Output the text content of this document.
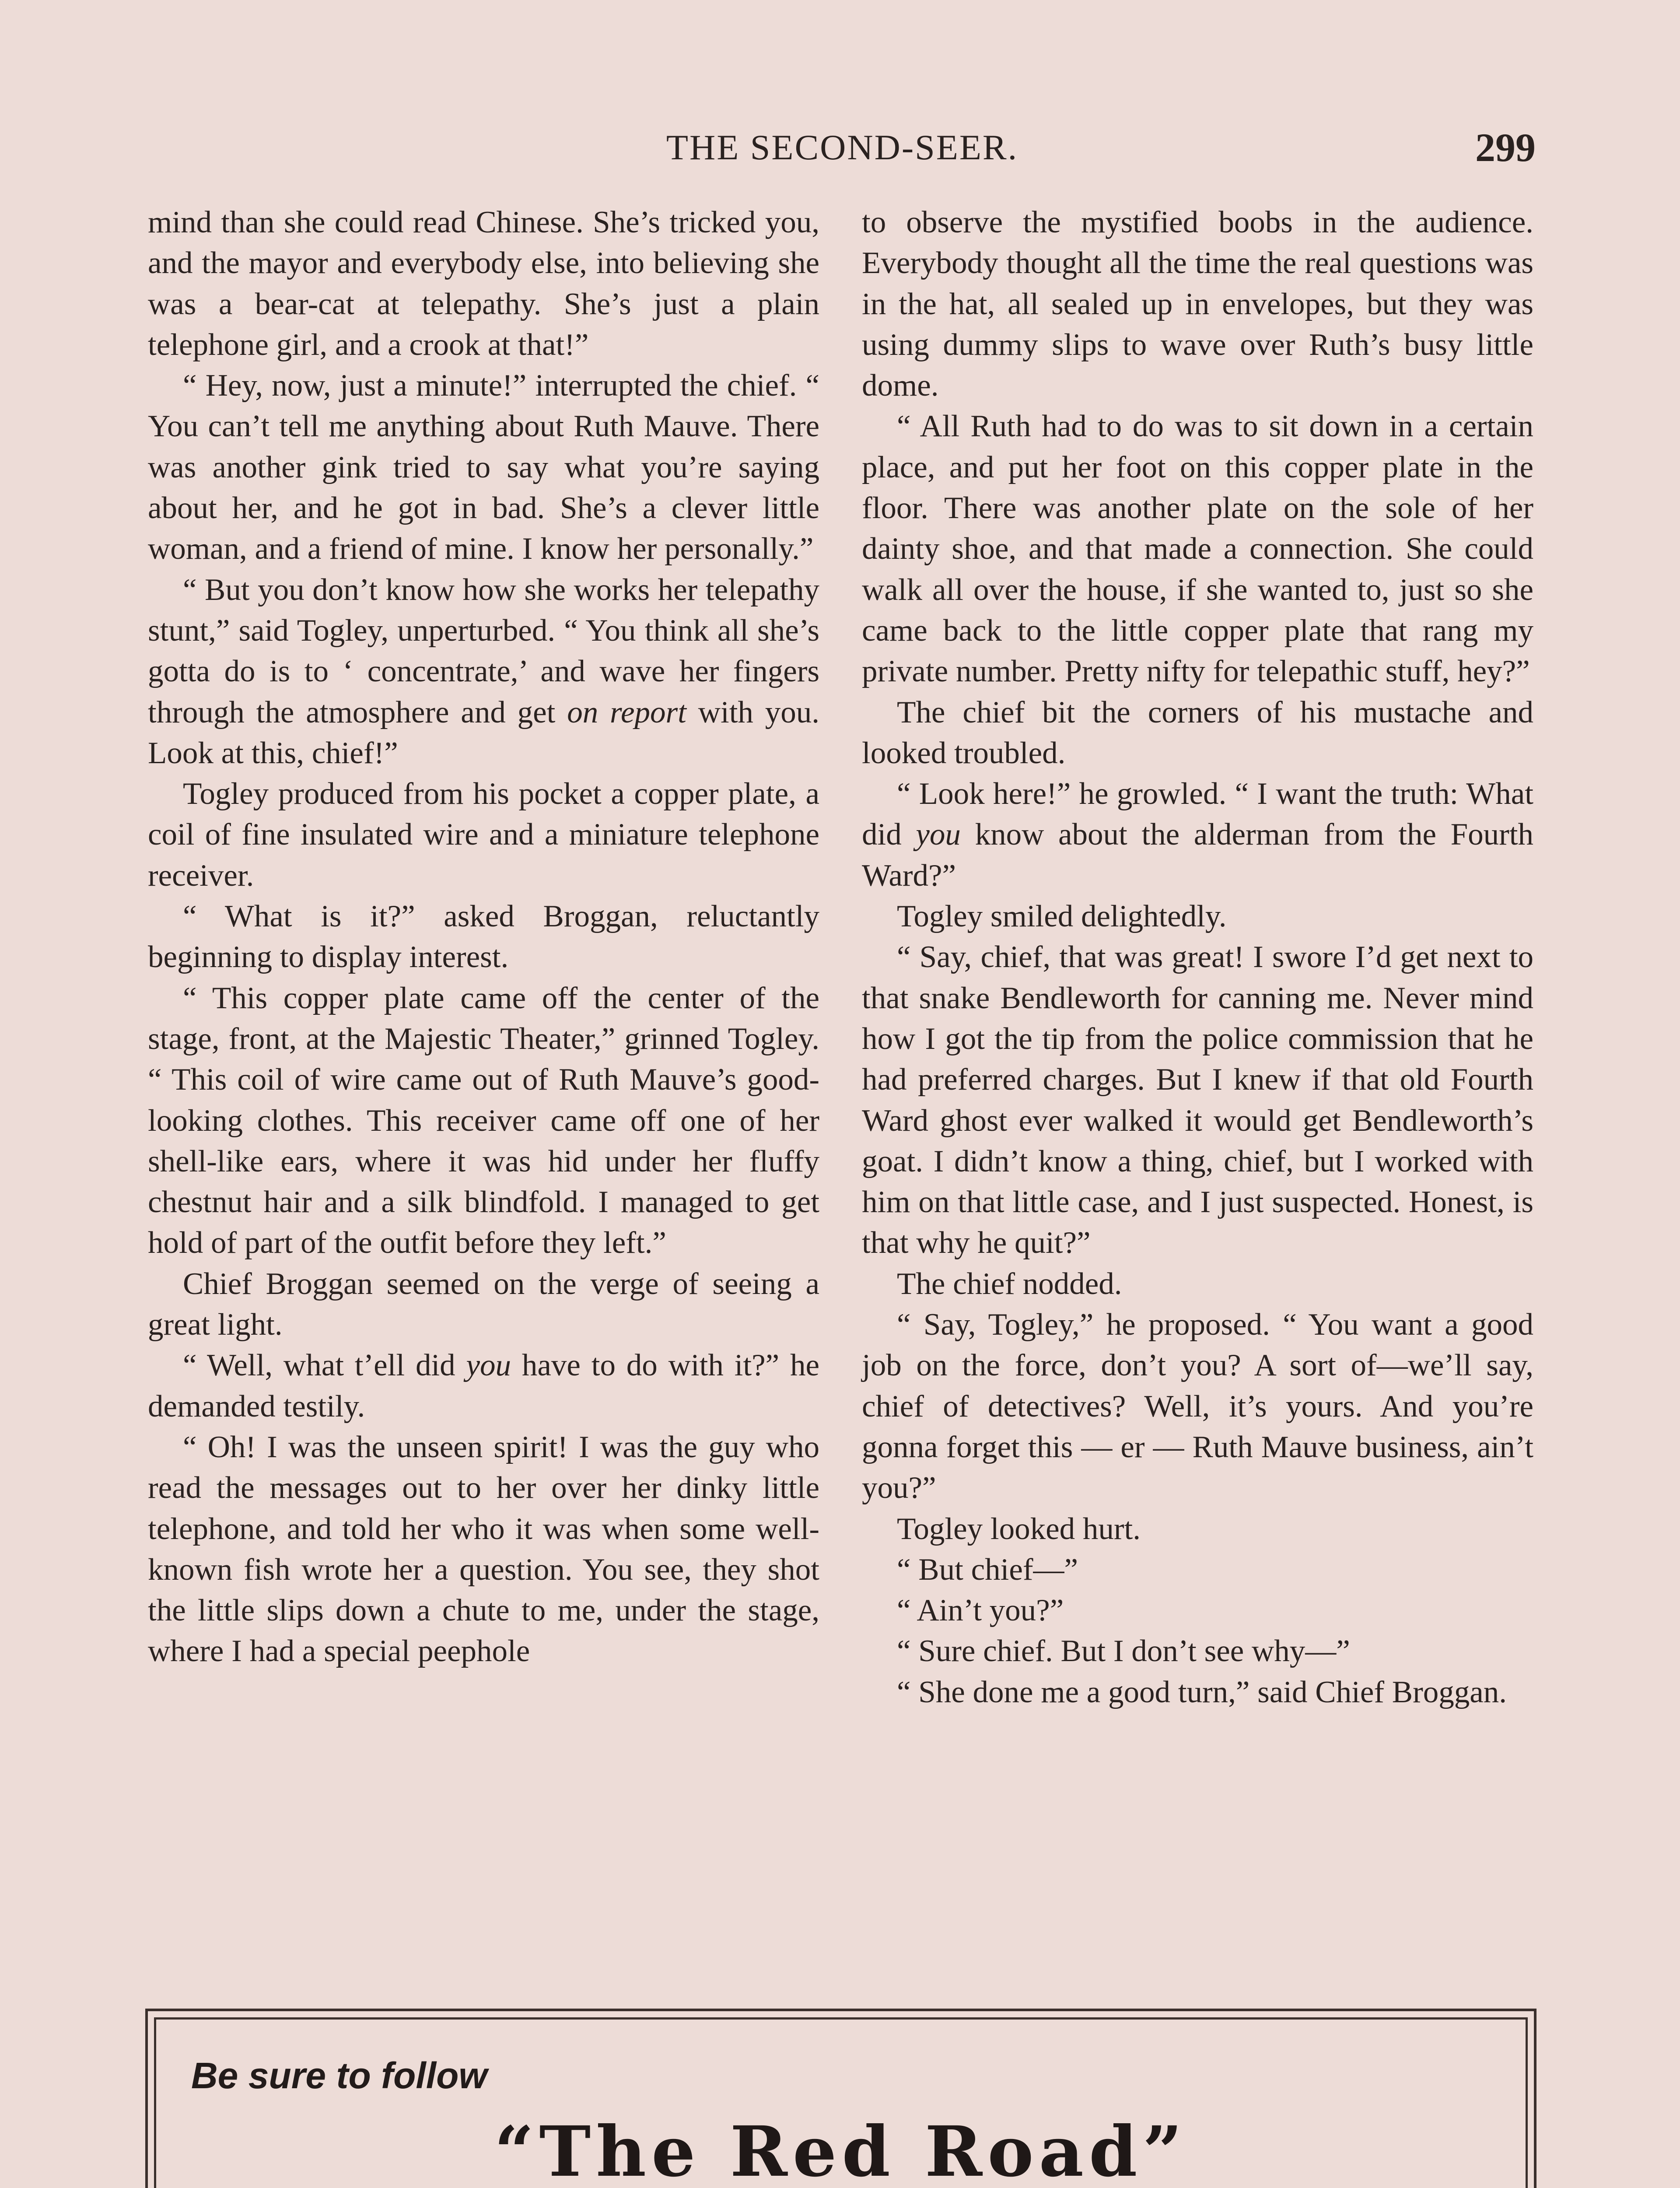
THE SECOND-SEER.	299

mind than she could read Chinese. She’s tricked you, and the mayor and everybody else, into believing she was a bear-cat at telepathy. She’s just a plain telephone girl, and a crook at that!”

“ Hey, now, just a minute!” interrupted the chief. “ You can’t tell me anything about Ruth Mauve. There was another gink tried to say what you’re saying about her, and he got in bad. She’s a clever little woman, and a friend of mine. I know her personally.”

“ But you don’t know how she works her telepathy stunt,” said Togley, unperturbed. “ You think all she’s gotta do is to ‘ concentrate,’ and wave her fingers through the atmosphere and get on report with you. Look at this, chief!”

Togley produced from his pocket a copper plate, a coil of fine insulated wire and a miniature telephone receiver.

“ What is it?” asked Broggan, reluctantly beginning to display interest.

“ This copper plate came off the center of the stage, front, at the Majestic Theater,” grinned Togley. “ This coil of wire came out of Ruth Mauve’s good-looking clothes. This receiver came off one of her shell-like ears, where it was hid under her fluffy chestnut hair and a silk blindfold. I managed to get hold of part of the outfit before they left.”

Chief Broggan seemed on the verge of seeing a great light.

“ Well, what t’ell did you have to do with it?” he demanded testily.

“ Oh! I was the unseen spirit! I was the guy who read the messages out to her over her dinky little telephone, and told her who it was when some well-known fish wrote her a question. You see, they shot the little slips down a chute to me, under the stage, where I had a special peephole

to observe the mystified boobs in the audience. Everybody thought all the time the real questions was in the hat, all sealed up in envelopes, but they was using dummy slips to wave over Ruth’s busy little dome.

“ All Ruth had to do was to sit down in a certain place, and put her foot on this copper plate in the floor. There was another plate on the sole of her dainty shoe, and that made a connection. She could walk all over the house, if she wanted to, just so she came back to the little copper plate that rang my private number. Pretty nifty for telepathic stuff, hey?”

The chief bit the corners of his mustache and looked troubled.

“ Look here!” he growled. “ I want the truth: What did you know about the alderman from the Fourth Ward?”

Togley smiled delightedly.

“ Say, chief, that was great! I swore I’d get next to that snake Bendleworth for canning me. Never mind how I got the tip from the police commission that he had preferred charges. But I knew if that old Fourth Ward ghost ever walked it would get Bendleworth’s goat. I didn’t know a thing, chief, but I worked with him on that little case, and I just suspected. Honest, is that why he quit?”

The chief nodded.

“ Say, Togley,” he proposed. “ You want a good job on the force, don’t you? A sort of—we’ll say, chief of detectives? Well, it’s yours. And you’re gonna forget this — er — Ruth Mauve business, ain’t you?”

Togley looked hurt.

“ But chief—”

“ Ain’t you?”

“ Sure chief. But I don’t see why—”

“ She done me a good turn,” said Chief Broggan.

Be sure to follow
“The Red Road”
